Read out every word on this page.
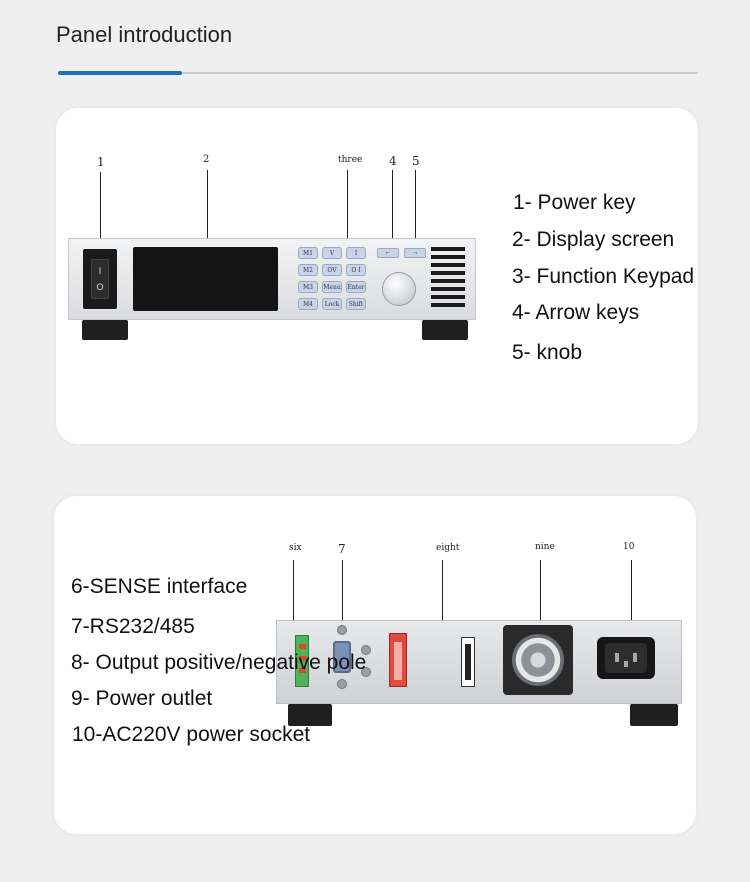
Panel introduction
1	2	three 4 5
I
O
M1	V	I
M2	OV	O I
M3	Menu Enter
M4	Lock	Shift
←	→
1- Power key
2- Display screen
3- Function Keypad
4- Arrow keys
5- knob
six	7	eight	nine	10
6-SENSE interface
7-RS232/485
8- Output positive/negative pole
9- Power outlet
10-AC220V power socket
